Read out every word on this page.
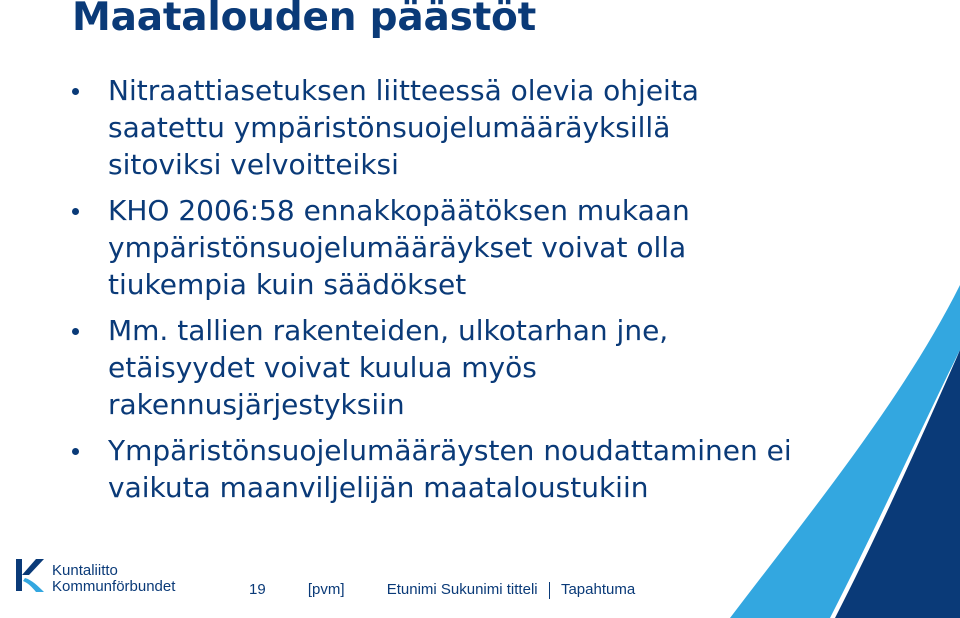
Maatalouden päästöt
Nitraattiasetuksen liitteessä olevia ohjeita
saatettu ympäristönsuojelumääräyksillä
sitoviksi velvoitteiksi
KHO 2006:58 ennakkopäätöksen mukaan
ympäristönsuojelumääräykset voivat olla
tiukempia kuin säädökset
Mm. tallien rakenteiden, ulkotarhan jne,
etäisyydet voivat kuulua myös
rakennusjärjestyksiin
Ympäristönsuojelumääräysten noudattaminen ei
vaikuta maanviljelijän maataloustukiin
Kuntaliitto
Kommunförbundet	19	[pvm]	Etunimi Sukunimi titteli Tapahtuma
